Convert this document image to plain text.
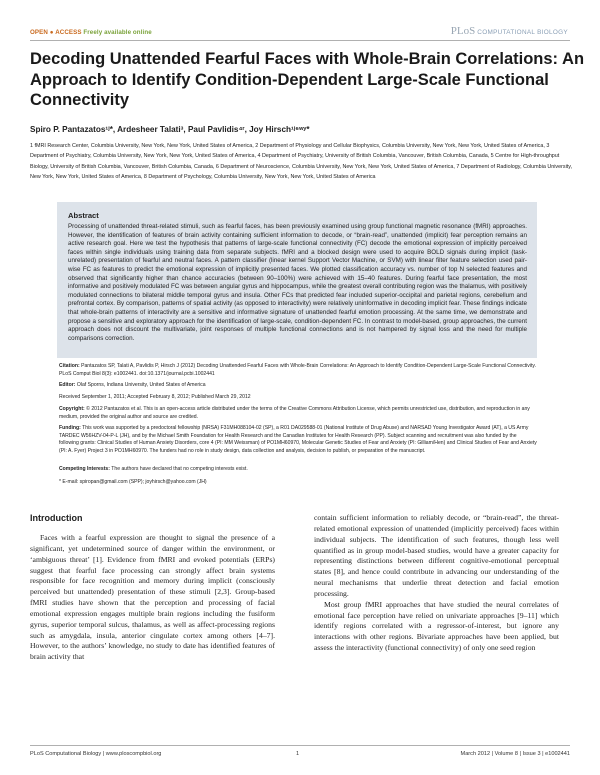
OPEN ● ACCESS Freely available online	PLoS COMPUTATIONAL BIOLOGY
Decoding Unattended Fearful Faces with Whole-Brain Correlations: An Approach to Identify Condition-Dependent Large-Scale Functional Connectivity
Spiro P. Pantazatos¹ʲ*, Ardesheer Talati³, Paul Pavlidis⁴ʳ, Joy Hirsch¹ʲ⁶ʷʸ*

1 fMRI Research Center, Columbia University, New York, New York, United States of America, 2 Department of Physiology and Cellular Biophysics, Columbia University, New York, New York, United States of America, 3 Department of Psychiatry, Columbia University, New York, New York, United States of America, 4 Department of Psychiatry, University of British Columbia, Vancouver, British Columbia, Canada, 5 Centre for High-throughput Biology, University of British Columbia, Vancouver, British Columbia, Canada, 6 Department of Neuroscience, Columbia University, New York, New York, United States of America, 7 Department of Radiology, Columbia University, New York, New York, United States of America, 8 Department of Psychology, Columbia University, New York, New York, United States of America

Abstract

Processing of unattended threat-related stimuli, such as fearful faces, has been previously examined using group functional magnetic resonance (fMRI) approaches. However, the identification of features of brain activity containing sufficient information to decode, or “brain-read”, unattended (implicit) fear perception remains an active research goal. Here we test the hypothesis that patterns of large-scale functional connectivity (FC) decode the emotional expression of implicitly perceived faces within single individuals using training data from separate subjects. fMRI and a blocked design were used to acquire BOLD signals during implicit (task-unrelated) presentation of fearful and neutral faces. A pattern classifier (linear kernel Support Vector Machine, or SVM) with linear filter feature selection used pair-wise FC as features to predict the emotional expression of implicitly presented faces. We plotted classification accuracy vs. number of top N selected features and observed that significantly higher than chance accuracies (between 90–100%) were achieved with 15–40 features. During fearful face presentation, the most informative and positively modulated FC was between angular gyrus and hippocampus, while the greatest overall contributing region was the thalamus, with positively modulated connections to bilateral middle temporal gyrus and insula. Other FCs that predicted fear included superior-occipital and parietal regions, cerebellum and prefrontal cortex. By comparison, patterns of spatial activity (as opposed to interactivity) were relatively uninformative in decoding implicit fear. These findings indicate that whole-brain patterns of interactivity are a sensitive and informative signature of unattended fearful emotion processing. At the same time, we demonstrate and propose a sensitive and exploratory approach for the identification of large-scale, condition-dependent FC. In contrast to model-based, group approaches, the current approach does not discount the multivariate, joint responses of multiple functional connections and is not hampered by signal loss and the need for multiple comparisons correction.

Citation: Pantazatos SP, Talati A, Pavlidis P, Hirsch J (2012) Decoding Unattended Fearful Faces with Whole-Brain Correlations: An Approach to Identify Condition-Dependent Large-Scale Functional Connectivity. PLoS Comput Biol 8(3): e1002441. doi:10.1371/journal.pcbi.1002441

Editor: Olaf Sporns, Indiana University, United States of America

Received September 1, 2011; Accepted February 8, 2012; Published March 29, 2012

Copyright: © 2012 Pantazatos et al. This is an open-access article distributed under the terms of the Creative Commons Attribution License, which permits unrestricted use, distribution, and reproduction in any medium, provided the original author and source are credited.

Funding: This work was supported by a predoctoral fellowship (NRSA) F31MH088104-02 (SP), a R01 DA029588-01 (National Institute of Drug Abuse) and NARSAD Young Investigator Award (AT), a US Army TARDEC W56HZV-04-P-L (JH), and by the Michael Smith Foundation for Health Research and the Canadian Institutes for Health Research (PP). Subject scanning and recruitment was also funded by the following grants: Clinical Studies of Human Anxiety Disorders, core 4 (PI: MM Weissman) of PO1MH60970, Molecular Genetic Studies of Fear and Anxiety (PI: Gilliam/Hen) and Clinical Studies of Fear and Anxiety (PI: A. Fyer) Project 3 in PO1MH60970. The funders had no role in study design, data collection and analysis, decision to publish, or preparation of the manuscript.

Competing Interests: The authors have declared that no competing interests exist.

* E-mail: spiropan@gmail.com (SPP); joyhirsch@yahoo.com (JH)

Introduction

Faces with a fearful expression are thought to signal the presence of a significant, yet undetermined source of danger within the environment, or ‘ambiguous threat’ [1]. Evidence from fMRI and evoked potentials (ERPs) suggest that fearful face processing can strongly affect brain systems responsible for face recognition and memory during implicit (consciously perceived but unattended) presentation of these stimuli [2,3]. Group-based fMRI studies have shown that the perception and processing of facial emotional expression engages multiple brain regions including the fusiform gyrus, superior temporal sulcus, thalamus, as well as affect-processing regions such as amygdala, insula, anterior cingulate cortex among others [4–7]. However, to the authors’ knowledge, no study to date has identified features of brain activity that

contain sufficient information to reliably decode, or “brain-read”, the threat-related emotional expression of unattended (implicitly perceived) faces within individual subjects. The identification of such features, though less well quantified as in group model-based studies, would have a greater capacity for representing distinctions between different cognitive-emotional perceptual states [8], and hence could contribute in advancing our understanding of the neural mechanisms that underlie threat detection and facial emotion processing.

Most group fMRI approaches that have studied the neural correlates of emotional face perception have relied on univariate approaches [9–11] which identify regions correlated with a regressor-of-interest, but ignore any interactions with other regions. Bivariate approaches have been applied, but assess the interactivity (functional connectivity) of only one seed region

PLoS Computational Biology | www.ploscompbiol.org	1	March 2012 | Volume 8 | Issue 3 | e1002441
